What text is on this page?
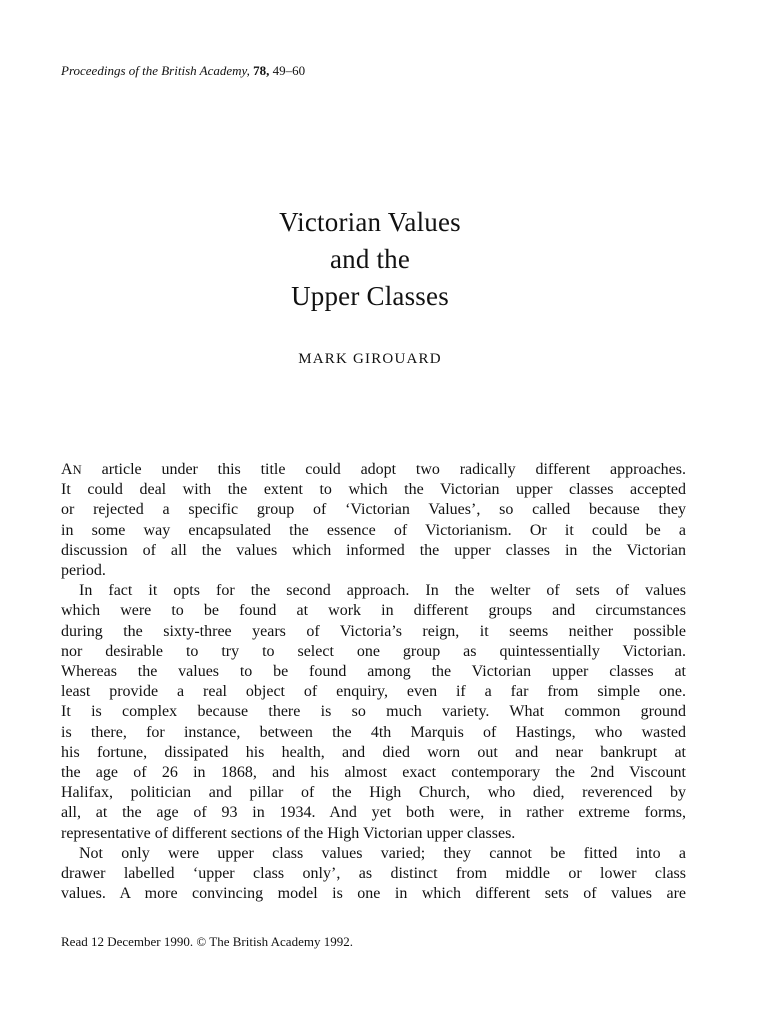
Proceedings of the British Academy, 78, 49–60
Victorian Values
and the
Upper Classes
MARK GIROUARD
AN article under this title could adopt two radically different approaches.
It could deal with the extent to which the Victorian upper classes accepted
or rejected a specific group of ‘Victorian Values’, so called because they
in some way encapsulated the essence of Victorianism. Or it could be a
discussion of all the values which informed the upper classes in the Victorian
period.
In fact it opts for the second approach. In the welter of sets of values
which were to be found at work in different groups and circumstances
during the sixty-three years of Victoria’s reign, it seems neither possible
nor desirable to try to select one group as quintessentially Victorian.
Whereas the values to be found among the Victorian upper classes at
least provide a real object of enquiry, even if a far from simple one.
It is complex because there is so much variety. What common ground
is there, for instance, between the 4th Marquis of Hastings, who wasted
his fortune, dissipated his health, and died worn out and near bankrupt at
the age of 26 in 1868, and his almost exact contemporary the 2nd Viscount
Halifax, politician and pillar of the High Church, who died, reverenced by
all, at the age of 93 in 1934. And yet both were, in rather extreme forms,
representative of different sections of the High Victorian upper classes.
Not only were upper class values varied; they cannot be fitted into a
drawer labelled ‘upper class only’, as distinct from middle or lower class
values. A more convincing model is one in which different sets of values are
Read 12 December 1990. © The British Academy 1992.
